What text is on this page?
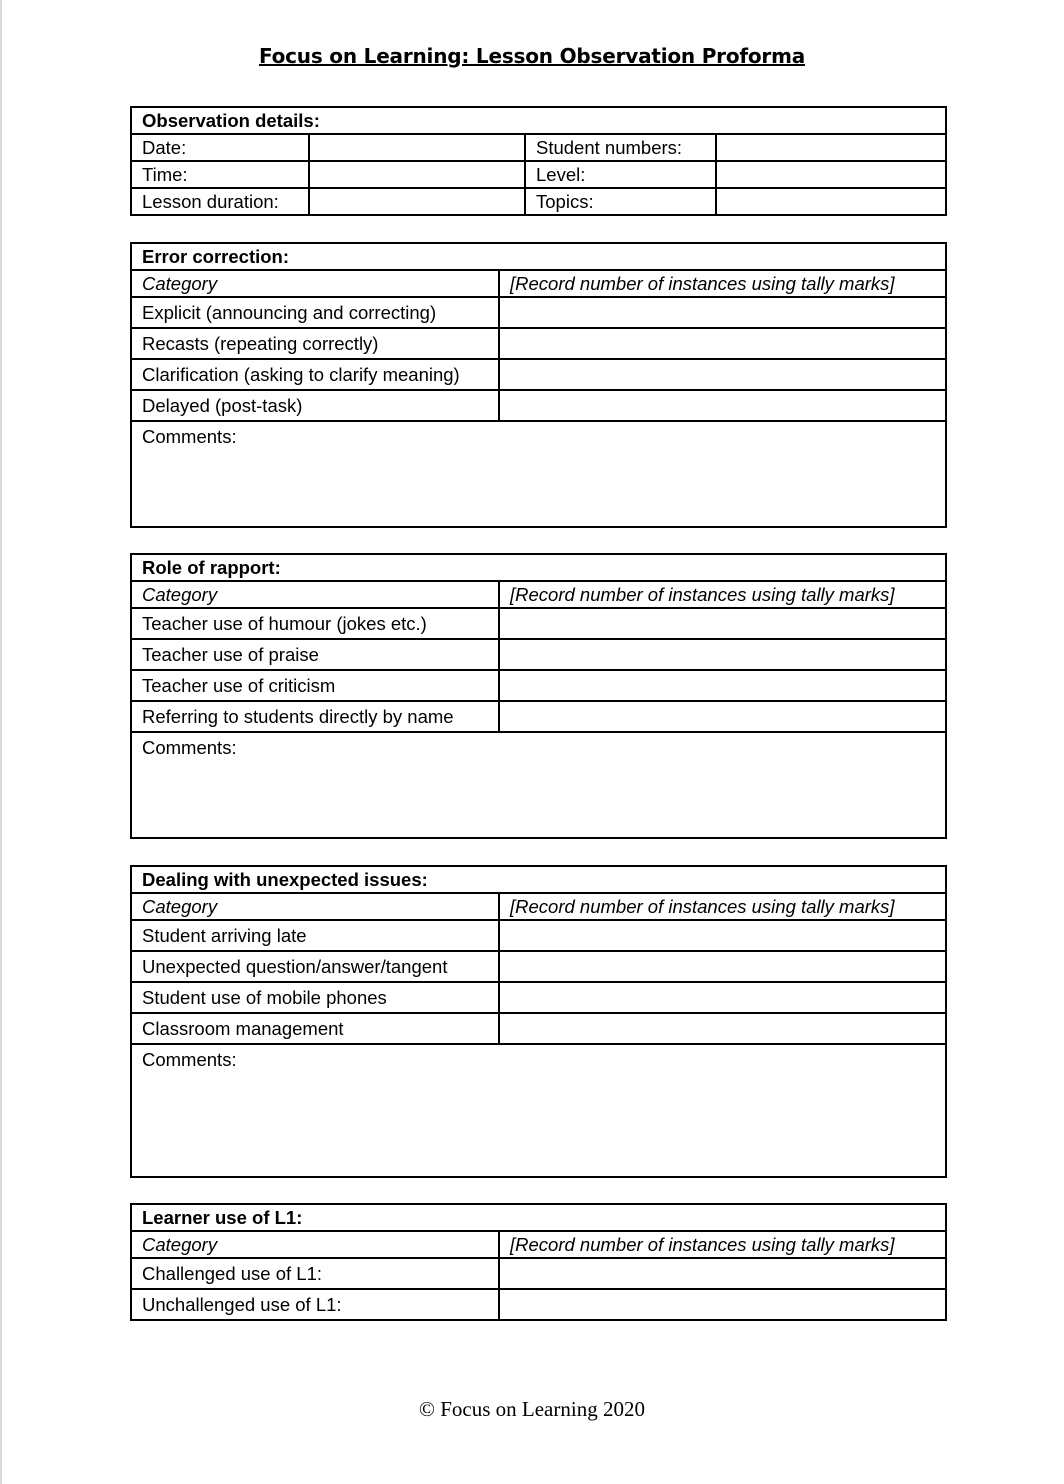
Focus on Learning: Lesson Observation Proforma
Observation details:			
Date:		Student numbers:	
Time:		Level:	
Lesson duration:		Topics:	
Error correction:	
Category	[Record number of instances using tally marks]
Explicit (announcing and correcting)	
Recasts (repeating correctly)	
Clarification (asking to clarify meaning)	
Delayed (post-task)	
Comments:	
Role of rapport:	
Category	[Record number of instances using tally marks]
Teacher use of humour (jokes etc.)	
Teacher use of praise	
Teacher use of criticism	
Referring to students directly by name	
Comments:	
Dealing with unexpected issues:	
Category	[Record number of instances using tally marks]
Student arriving late	
Unexpected question/answer/tangent	
Student use of mobile phones	
Classroom management	
Comments:	
Learner use of L1:	
Category	[Record number of instances using tally marks]
Challenged use of L1:	
Unchallenged use of L1:	
© Focus on Learning 2020
